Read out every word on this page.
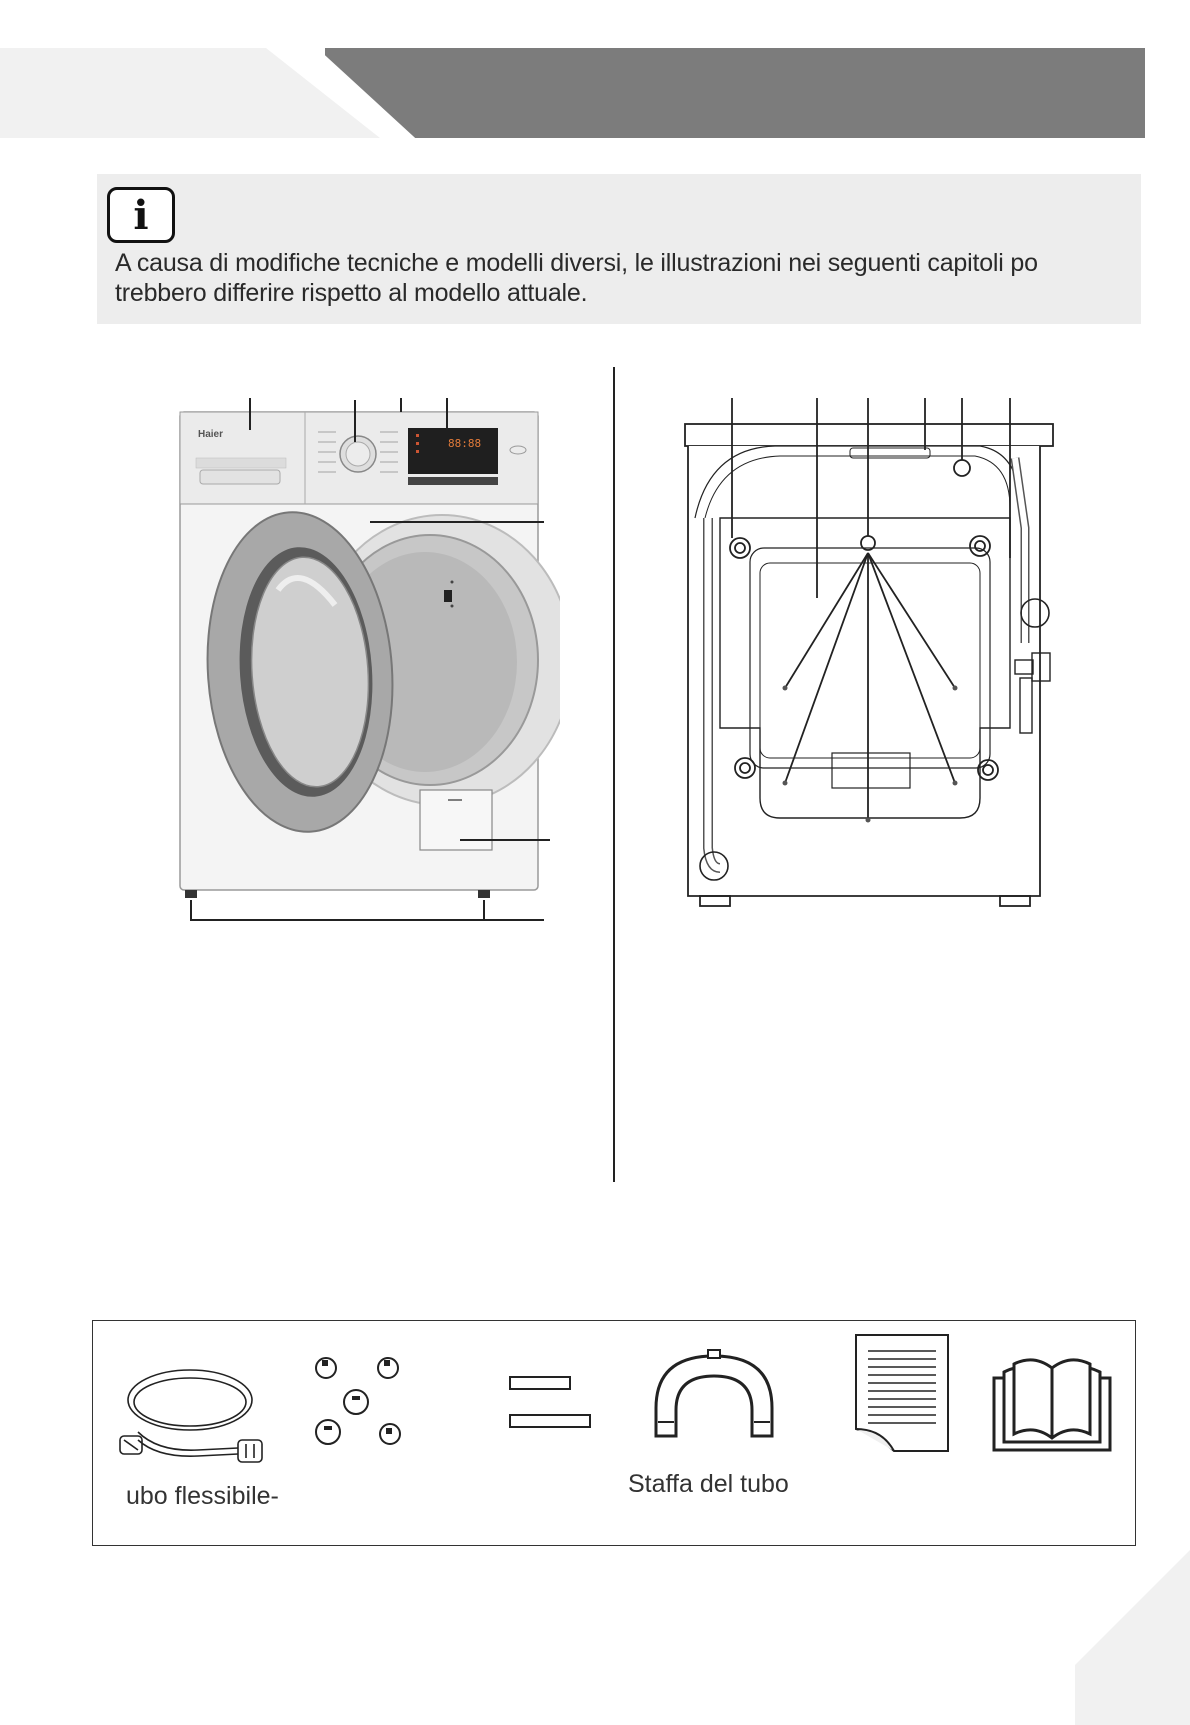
i
A causa di modifiche tecniche e modelli diversi, le illustrazioni nei seguenti capitoli po trebbero differire rispetto al modello attuale.
Haier
88:88
ubo flessibile-	Staffa del tubo
